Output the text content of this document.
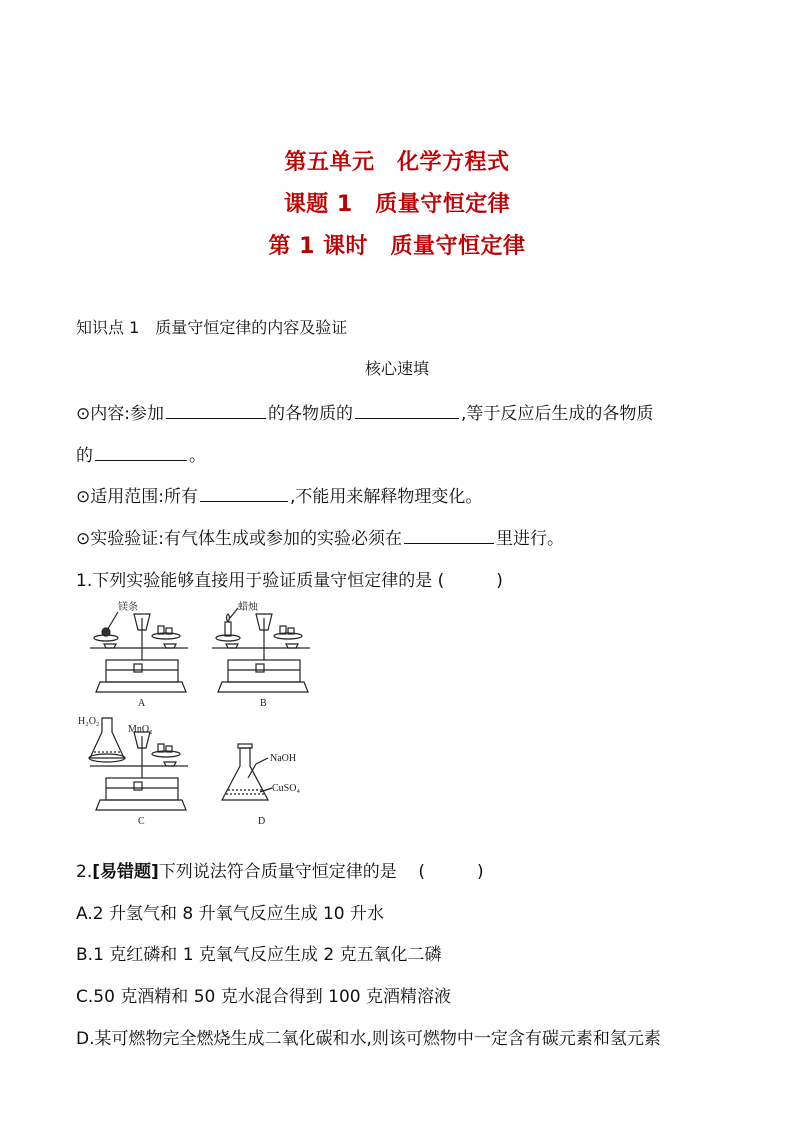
第五单元　化学方程式
课题 1　质量守恒定律
第 1 课时　质量守恒定律
知识点 1　质量守恒定律的内容及验证
核心速填
⊙内容:参加	的各物质的	,等于反应后生成的各物质
的	。
⊙适用范围:所有	,不能用来解释物理变化。
⊙实验验证:有气体生成或参加的实验必须在	里进行。
1.下列实验能够直接用于验证质量守恒定律的是 (	)
镁条	蜡烛
A	B
H₂O₂
MnO₂
C
NaOH
CuSO₄
D
2.[易错题]下列说法符合质量守恒定律的是 (	)
A.2 升氢气和 8 升氧气反应生成 10 升水
B.1 克红磷和 1 克氧气反应生成 2 克五氧化二磷
C.50 克酒精和 50 克水混合得到 100 克酒精溶液
D.某可燃物完全燃烧生成二氧化碳和水,则该可燃物中一定含有碳元素和氢元素
